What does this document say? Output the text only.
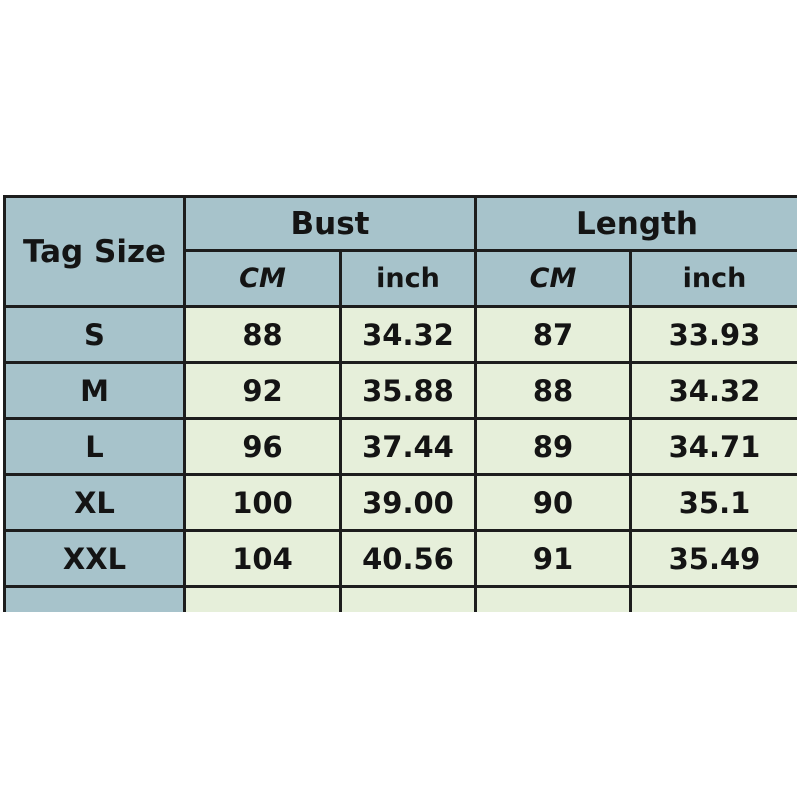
Tag Size	Bust		Length	
	CM	inch	CM	inch
S	88	34.32	87	33.93
M	92	35.88	88	34.32
L	96	37.44	89	34.71
XL	100	39.00	90	35.1
XXL	104	40.56	91	35.49
